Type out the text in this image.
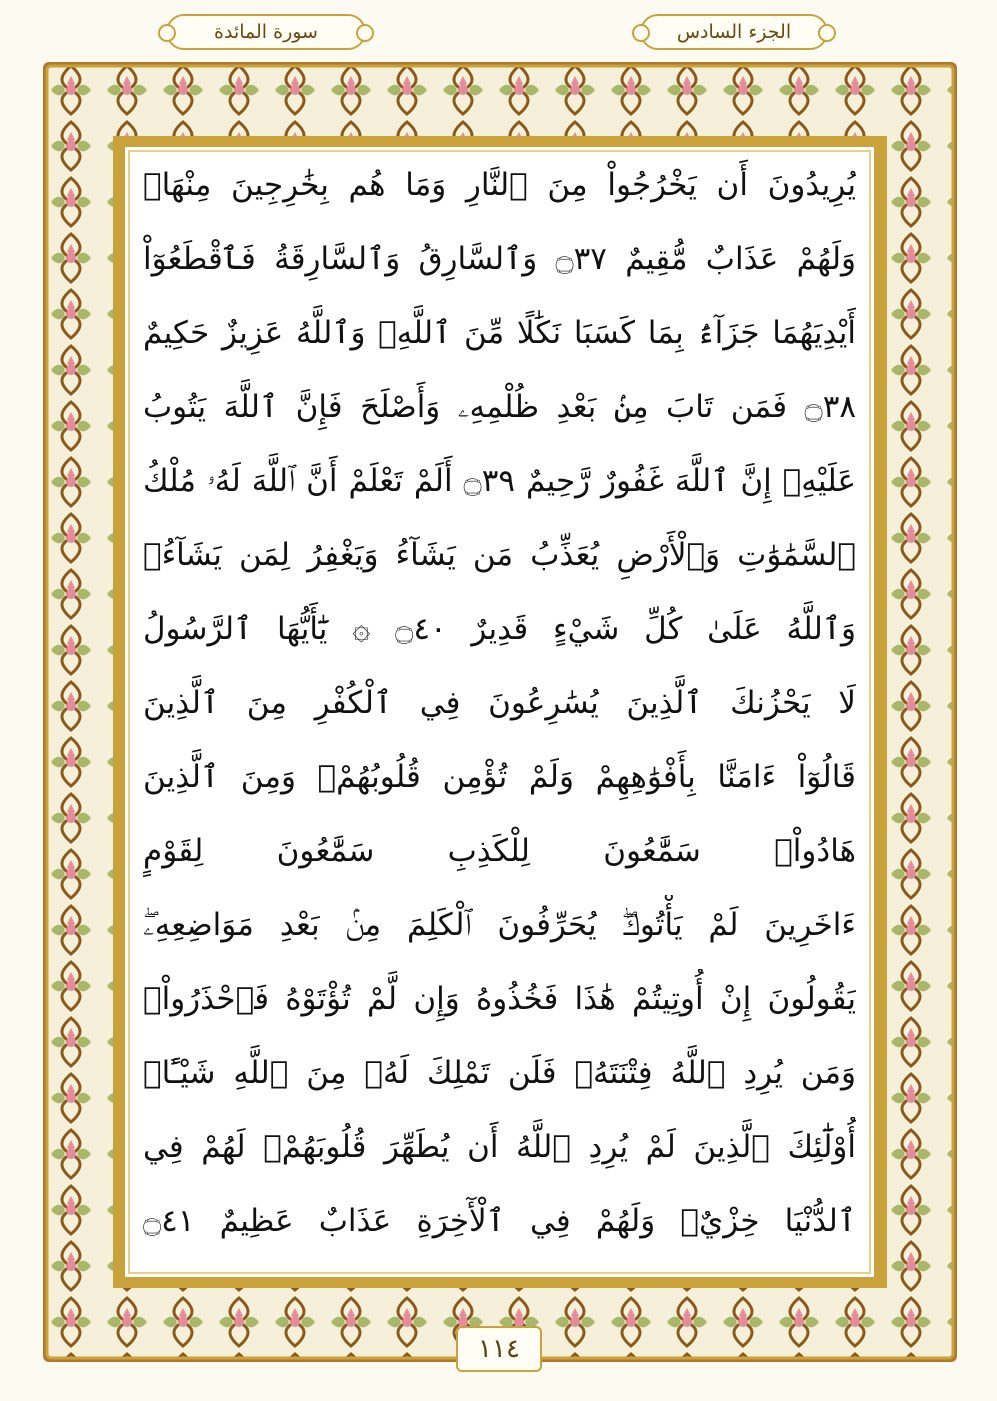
سورة المائدة	الجزء السادس
يُرِيدُونَ أَن يَخْرُجُواْ مِنَ ٱلنَّارِ وَمَا هُم بِخَٰرِجِينَ مِنْهَاۖ
وَلَهُمْ عَذَابٌ مُّقِيمٌ ۝٣٧ وَٱلسَّارِقُ وَٱلسَّارِقَةُ فَٱقْطَعُوٓاْ
أَيْدِيَهُمَا جَزَآءَۢ بِمَا كَسَبَا نَكَٰلًا مِّنَ ٱللَّهِۗ وَٱللَّهُ عَزِيزٌ حَكِيمٌ
۝٣٨ فَمَن تَابَ مِنۢ بَعْدِ ظُلْمِهِۦ وَأَصْلَحَ فَإِنَّ ٱللَّهَ يَتُوبُ
عَلَيْهِۗ إِنَّ ٱللَّهَ غَفُورٌ رَّحِيمٌ ۝٣٩ أَلَمْ تَعْلَمْ أَنَّ ٱللَّهَ لَهُۥ مُلْكُ
ٱلسَّمَٰوَٰتِ وَٱلْأَرْضِ يُعَذِّبُ مَن يَشَآءُ وَيَغْفِرُ لِمَن يَشَآءُۗ
وَٱللَّهُ عَلَىٰ كُلِّ شَيْءٍ قَدِيرٌ ۝٤٠ ۞ يَٰٓأَيُّهَا ٱلرَّسُولُ
لَا يَحْزُنكَ ٱلَّذِينَ يُسَٰرِعُونَ فِي ٱلْكُفْرِ مِنَ ٱلَّذِينَ
قَالُوٓاْ ءَامَنَّا بِأَفْوَٰهِهِمْ وَلَمْ تُؤْمِن قُلُوبُهُمْۛ وَمِنَ ٱلَّذِينَ
هَادُواْۛ سَمَّٰعُونَ لِلْكَذِبِ سَمَّٰعُونَ لِقَوْمٍ
ءَاخَرِينَ لَمْ يَأْتُوكَۖ يُحَرِّفُونَ ٱلْكَلِمَ مِنۢ بَعْدِ مَوَاضِعِهِۦۖ
يَقُولُونَ إِنْ أُوتِيتُمْ هَٰذَا فَخُذُوهُ وَإِن لَّمْ تُؤْتَوْهُ فَٱحْذَرُواْۚ
وَمَن يُرِدِ ٱللَّهُ فِتْنَتَهُۥ فَلَن تَمْلِكَ لَهُۥ مِنَ ٱللَّهِ شَيْـًٔاۚ
أُوْلَٰٓئِكَ ٱلَّذِينَ لَمْ يُرِدِ ٱللَّهُ أَن يُطَهِّرَ قُلُوبَهُمْۚ لَهُمْ فِي
ٱلدُّنْيَا خِزْيٌۖ وَلَهُمْ فِي ٱلْأٓخِرَةِ عَذَابٌ عَظِيمٌ ۝٤١
١١٤
